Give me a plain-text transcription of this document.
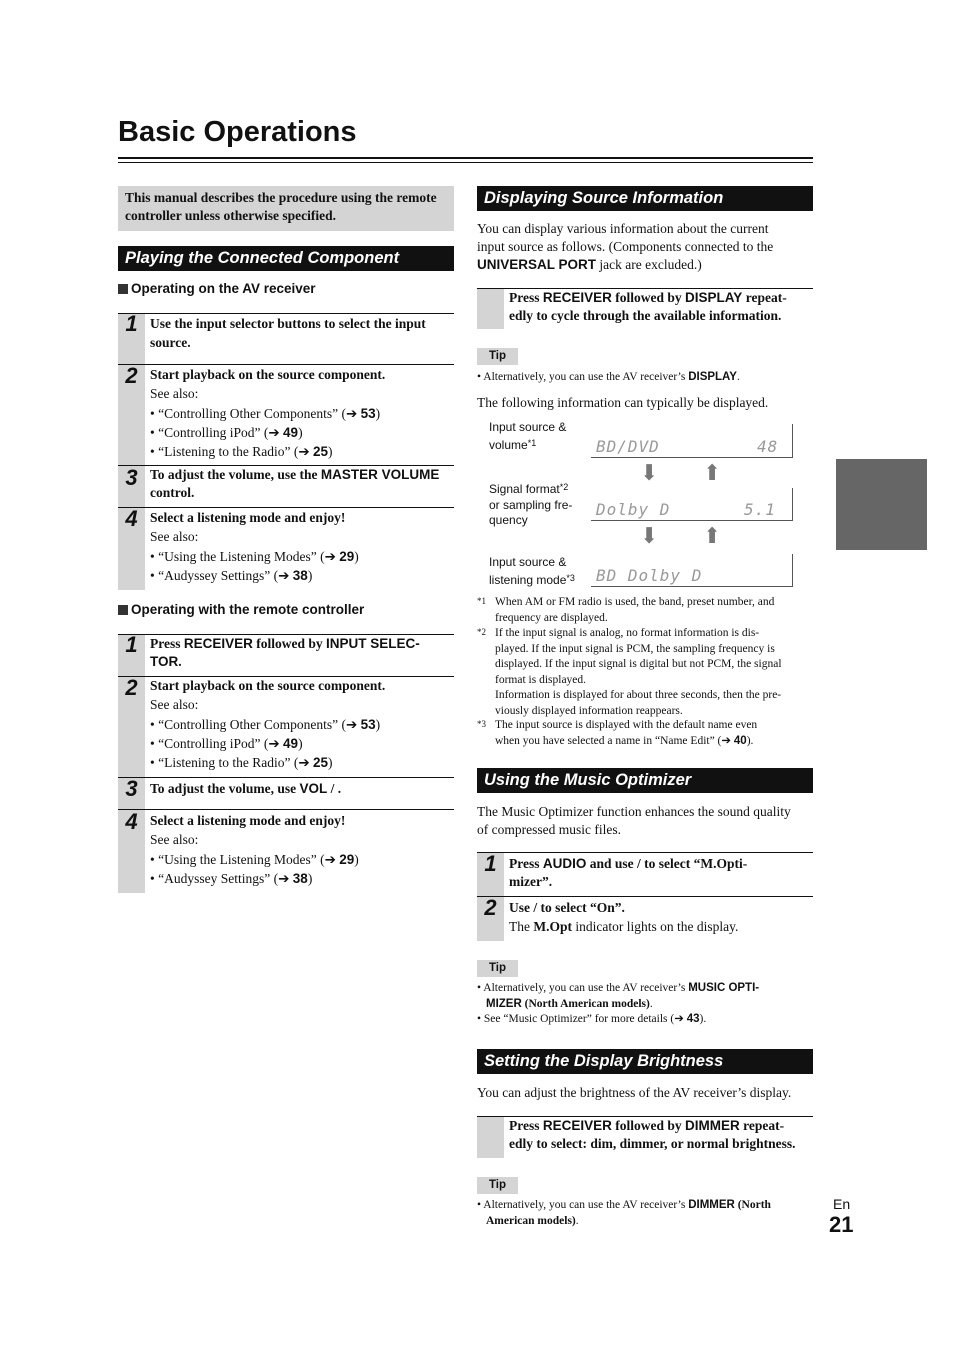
Basic Operations
This manual describes the procedure using the remote controller unless otherwise specified.
Playing the Connected Component
Operating on the AV receiver
1 Use the input selector buttons to select the input source.
2 Start playback on the source component.
See also:
• “Controlling Other Components” (➔ 53)
• “Controlling iPod” (➔ 49)
• “Listening to the Radio” (➔ 25)
3 To adjust the volume, use the MASTER VOLUME control.
4 Select a listening mode and enjoy!
See also:
• “Using the Listening Modes” (➔ 29)
• “Audyssey Settings” (➔ 38)
Operating with the remote controller
1 Press RECEIVER followed by INPUT SELEC-
TOR.
2 Start playback on the source component.
See also:
• “Controlling Other Components” (➔ 53)
• “Controlling iPod” (➔ 49)
• “Listening to the Radio” (➔ 25)
3 To adjust the volume, use VOL / .
4 Select a listening mode and enjoy!
See also:
• “Using the Listening Modes” (➔ 29)
• “Audyssey Settings” (➔ 38)
Displaying Source Information
You can display various information about the current
input source as follows. (Components connected to the
UNIVERSAL PORT jack are excluded.)
Press RECEIVER followed by DISPLAY repeat-
edly to cycle through the available information.
Tip
• Alternatively, you can use the AV receiver’s DISPLAY.
The following information can typically be displayed.
Input source &
volume$^{*1}$	BD/DVD	48
⬇ ⬆
Signal format$^{*2}$
or sampling fre-
quency
Dolby D	5.1
⬇ ⬆
Input source &
listening mode$^{*3}$ BD Dolby D
*1 When AM or FM radio is used, the band, preset number, and
frequency are displayed.
*2 If the input signal is analog, no format information is dis-
played. If the input signal is PCM, the sampling frequency is
displayed. If the input signal is digital but not PCM, the signal
format is displayed.
Information is displayed for about three seconds, then the pre-
viously displayed information reappears.
*3 The input source is displayed with the default name even
when you have selected a name in “Name Edit” (➔ 40).
Using the Music Optimizer
The Music Optimizer function enhances the sound quality
of compressed music files.
1 Press AUDIO and use / to select “M.Opti-
mizer”.
2 Use / to select “On”.
The M.Opt indicator lights on the display.
Tip
• Alternatively, you can use the AV receiver’s MUSIC OPTI-
MIZER (North American models).
• See “Music Optimizer” for more details (➔ 43).
Setting the Display Brightness
You can adjust the brightness of the AV receiver’s display.
Press RECEIVER followed by DIMMER repeat-
edly to select: dim, dimmer, or normal brightness.
Tip
• Alternatively, you can use the AV receiver’s DIMMER (North
American models).
En
21
